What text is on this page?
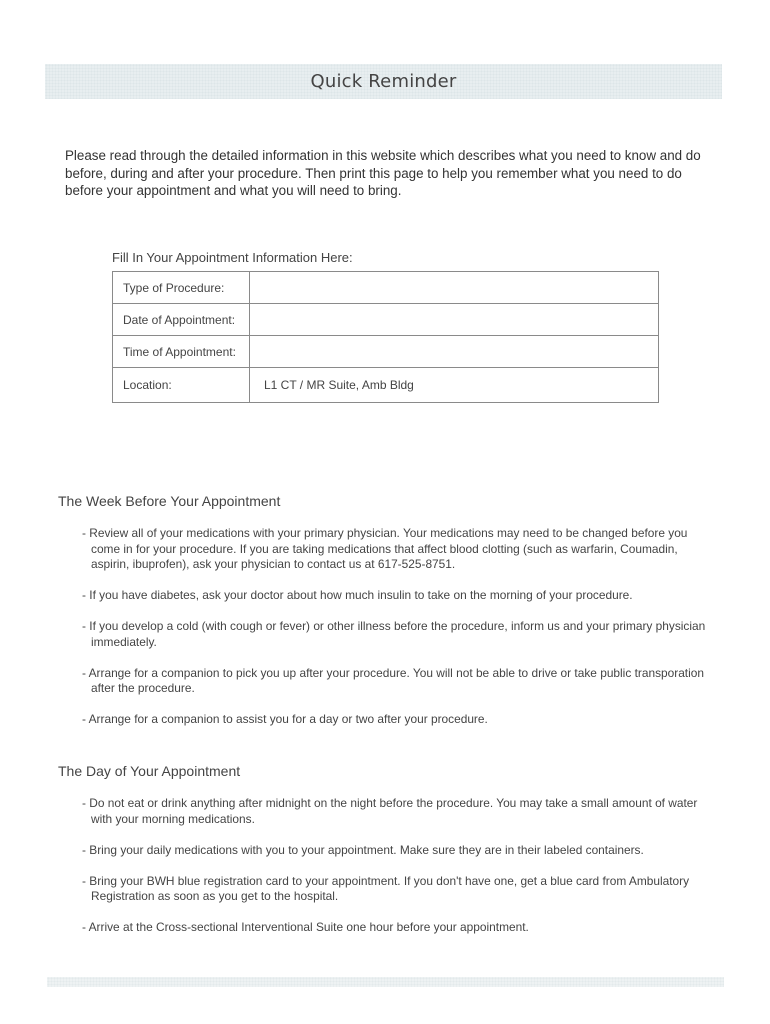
Quick Reminder

Please read through the detailed information in this website which describes what you need to know and do before, during and after your procedure. Then print this page to help you remember what you need to do before your appointment and what you will need to bring.

Fill In Your Appointment Information Here:
Type of Procedure:	
Date of Appointment:	
Time of Appointment:	
Location:	L1 CT / MR Suite, Amb Bldg
The Week Before Your Appointment
- Review all of your medications with your primary physician. Your medications may need to be changed before you come in for your procedure. If you are taking medications that affect blood clotting (such as warfarin, Coumadin, aspirin, ibuprofen), ask your physician to contact us at 617-525-8751.
- If you have diabetes, ask your doctor about how much insulin to take on the morning of your procedure.
- If you develop a cold (with cough or fever) or other illness before the procedure, inform us and your primary physician immediately.
- Arrange for a companion to pick you up after your procedure. You will not be able to drive or take public transporation after the procedure.
- Arrange for a companion to assist you for a day or two after your procedure.
The Day of Your Appointment
- Do not eat or drink anything after midnight on the night before the procedure. You may take a small amount of water with your morning medications.
- Bring your daily medications with you to your appointment. Make sure they are in their labeled containers.
- Bring your BWH blue registration card to your appointment. If you don't have one, get a blue card from Ambulatory Registration as soon as you get to the hospital.
- Arrive at the Cross-sectional Interventional Suite one hour before your appointment.
